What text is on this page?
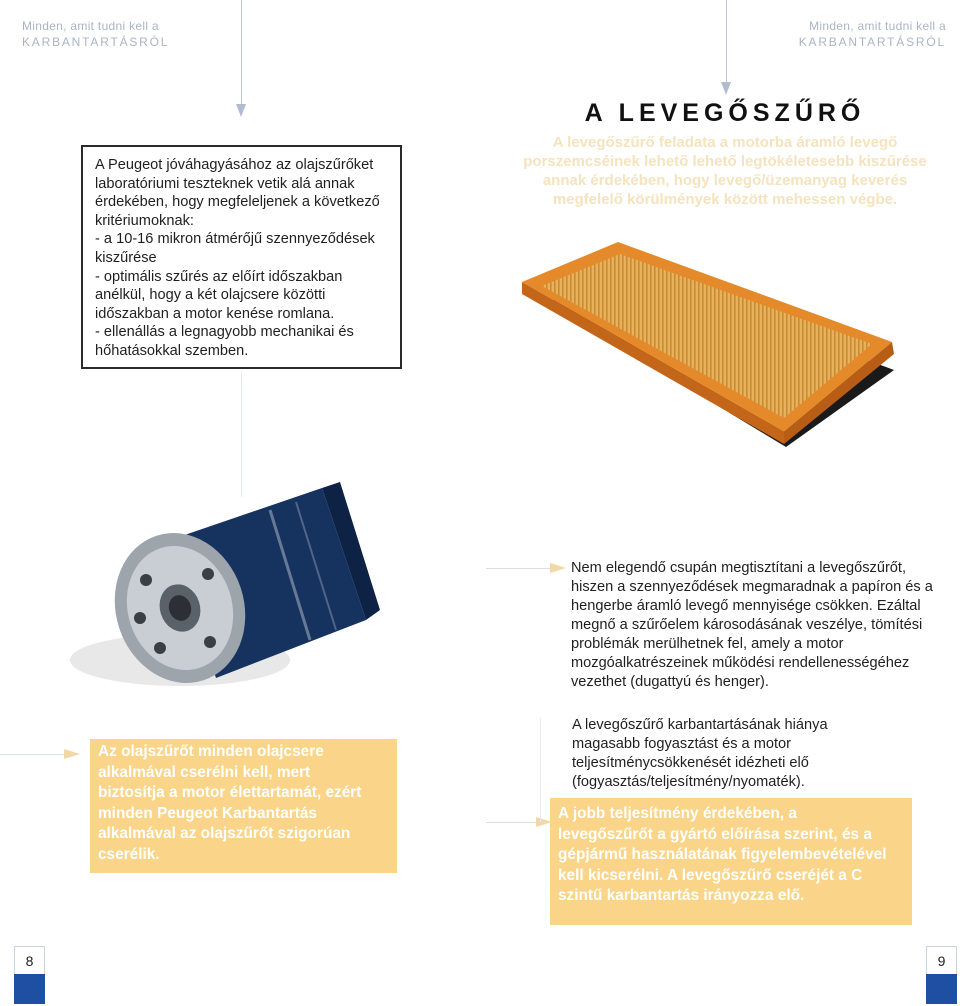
Minden, amit tudni kell a
KARBANTARTÁSRÓL
Minden, amit tudni kell a
KARBANTARTÁSRÓL

A Peugeot jóváhagyásához az olajszűrőket
laboratóriumi teszteknek vetik alá annak
érdekében, hogy megfeleljenek a következő
kritériumoknak:
- a 10-16 mikron átmérőjű szennyeződések
kiszűrése
- optimális szűrés az előírt időszakban
anélkül, hogy a két olajcsere közötti
időszakban a motor kenése romlana.
- ellenállás a legnagyobb mechanikai és
hőhatásokkal szemben.

A LEVEGŐSZŰRŐ
A levegőszűrő feladata a motorba áramló levegő porszemcséinek lehető lehető legtökéletesebb kiszűrése annak érdekében, hogy levegő/üzemanyag keverés megfelelő körülmények között mehessen végbe.

Nem elegendő csupán megtisztítani a levegőszűrőt,
hiszen a szennyeződések megmaradnak a papíron és a
hengerbe áramló levegő mennyisége csökken. Ezáltal
megnő a szűrőelem károsodásának veszélye, tömítési
problémák merülhetnek fel, amely a motor
mozgóalkatrészeinek működési rendellenességéhez
vezethet (dugattyú és henger).

A levegőszűrő karbantartásának hiánya
magasabb fogyasztást és a motor
teljesítménycsökkenését idézheti elő
(fogyasztás/teljesítmény/nyomaték).

Az olajszűrőt minden olajcsere
alkalmával cserélni kell, mert
biztosítja a motor élettartamát, ezért
minden Peugeot Karbantartás
alkalmával az olajszűrőt szigorúan
cserélik.

A jobb teljesítmény érdekében, a
levegőszűrőt a gyártó előírása szerint, és a
gépjármű használatának figyelembevételével
kell kicserélni. A levegőszűrő cseréjét a C
szintű karbantartás irányozza elő.

8	9
